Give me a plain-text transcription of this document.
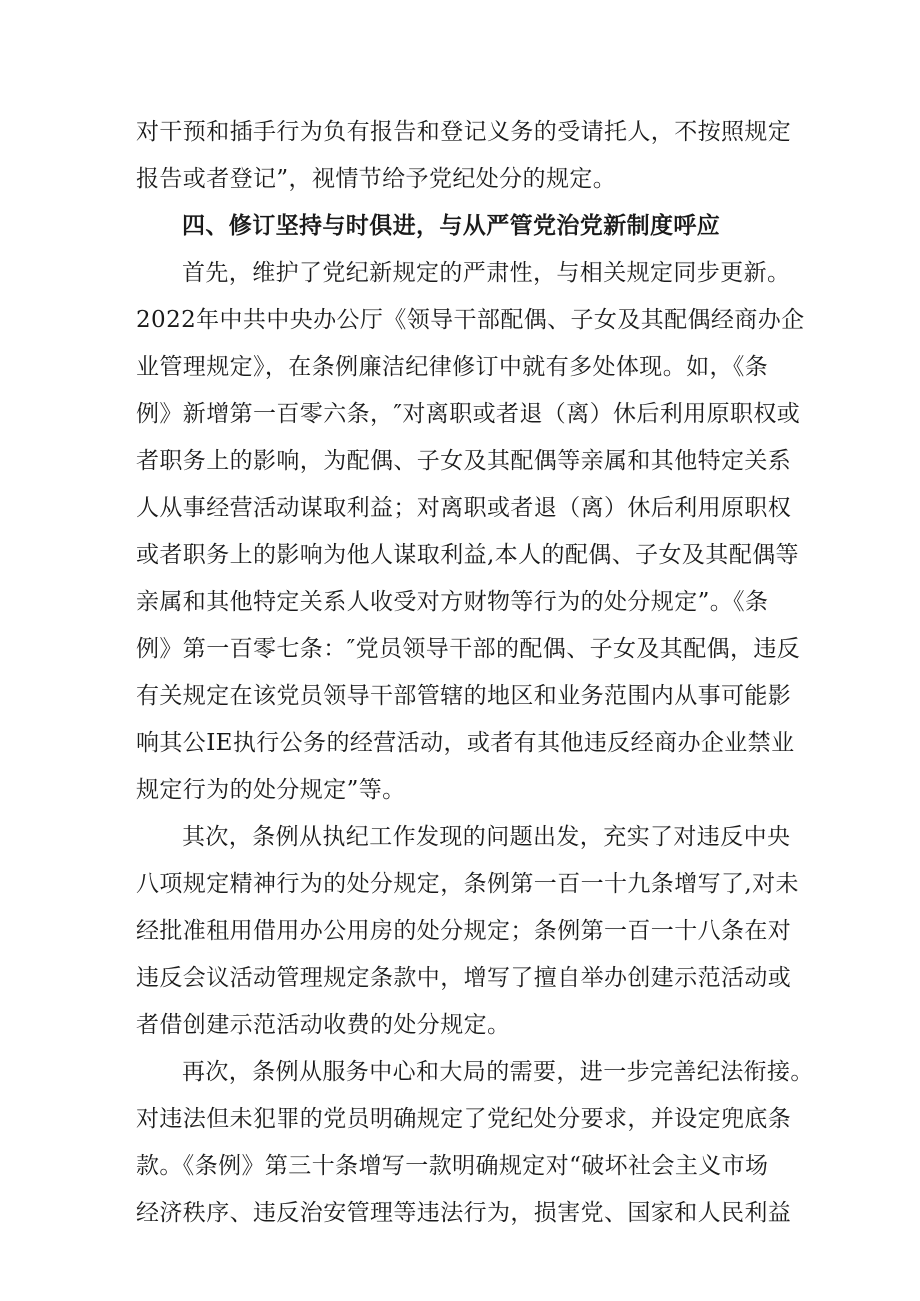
对干预和插手行为负有报告和登记义务的受请托人，不按照规定
报告或者登记”，视情节给予党纪处分的规定。
四、修订坚持与时俱进，与从严管党治党新制度呼应
首先，维护了党纪新规定的严肃性，与相关规定同步更新。
2022年中共中央办公厅《领导干部配偶、子女及其配偶经商办企
业管理规定》，在条例廉洁纪律修订中就有多处体现。如，《条
例》新增第一百零六条，″对离职或者退（离）休后利用原职权或
者职务上的影响，为配偶、子女及其配偶等亲属和其他特定关系
人从事经营活动谋取利益；对离职或者退（离）休后利用原职权
或者职务上的影响为他人谋取利益,本人的配偶、子女及其配偶等
亲属和其他特定关系人收受对方财物等行为的处分规定”。《条
例》第一百零七条：″党员领导干部的配偶、子女及其配偶，违反
有关规定在该党员领导干部管辖的地区和业务范围内从事可能影
响其公IE执行公务的经营活动，或者有其他违反经商办企业禁业
规定行为的处分规定”等。
其次，条例从执纪工作发现的问题出发，充实了对违反中央
八项规定精神行为的处分规定，条例第一百一十九条增写了,对未
经批准租用借用办公用房的处分规定；条例第一百一十八条在对
违反会议活动管理规定条款中，增写了擅自举办创建示范活动或
者借创建示范活动收费的处分规定。
再次，条例从服务中心和大局的需要，进一步完善纪法衔接。
对违法但未犯罪的党员明确规定了党纪处分要求，并设定兜底条
款。《条例》第三十条增写一款明确规定对“破坏社会主义市场
经济秩序、违反治安管理等违法行为，损害党、国家和人民利益
